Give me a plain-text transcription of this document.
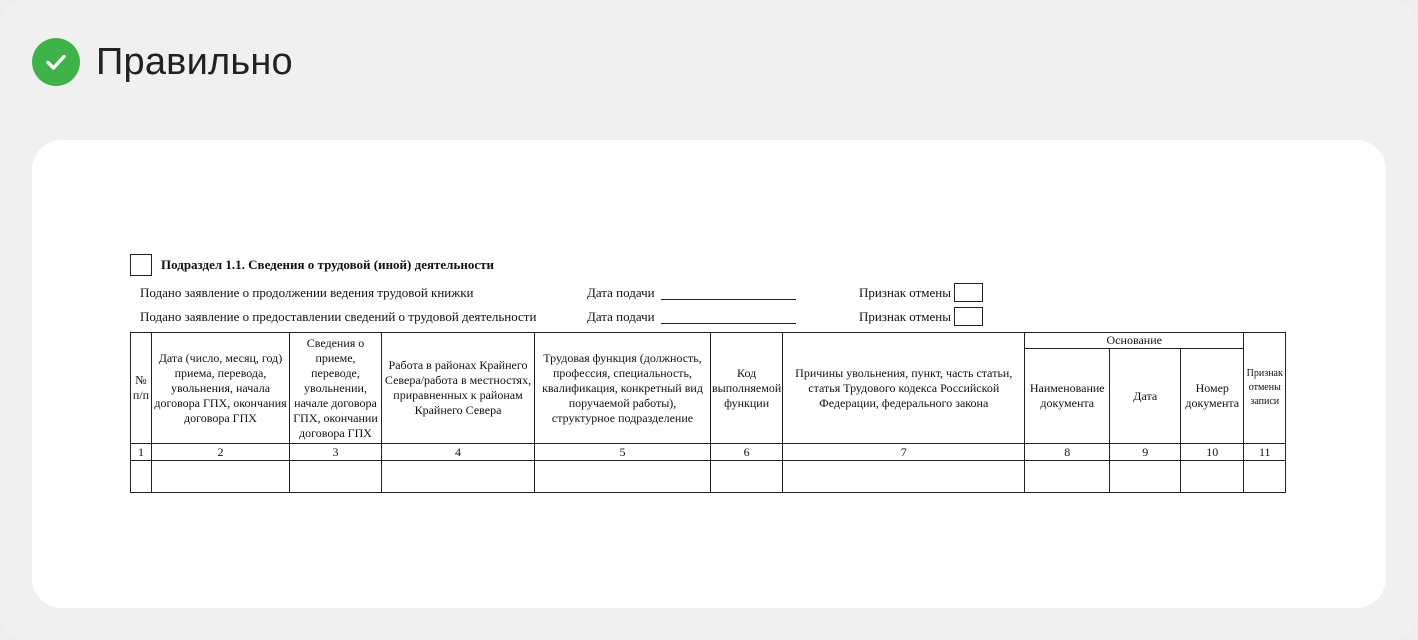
Правильно
Подраздел 1.1. Сведения о трудовой (иной) деятельности
Подано заявление о продолжении ведения трудовой книжки	Дата подачи	Признак отмены
Подано заявление о предоставлении сведений о трудовой деятельности	Дата подачи	Признак отмены
№ п/п	Дата (число, месяц, год) приема, перевода, увольнения, начала договора ГПХ, окончания договора ГПХ	Сведения о приеме, переводе, увольнении, начале договора ГПХ, окончании договора ГПХ	Работа в районах Крайнего Севера/работа в местностях, приравненных к районам Крайнего Севера	Трудовая функция (должность, профессия, специальность, квалификация, конкретный вид поручаемой работы), структурное подразделение	Код выполняемой функции	Причины увольнения, пункт, часть статьи, статья Трудового кодекса Российской Федерации, федерального закона	Основание			Признак отмены записи
							Наименование документа	Дата	Номер документа	
1	2	3	4	5	6	7	8	9	10	11
